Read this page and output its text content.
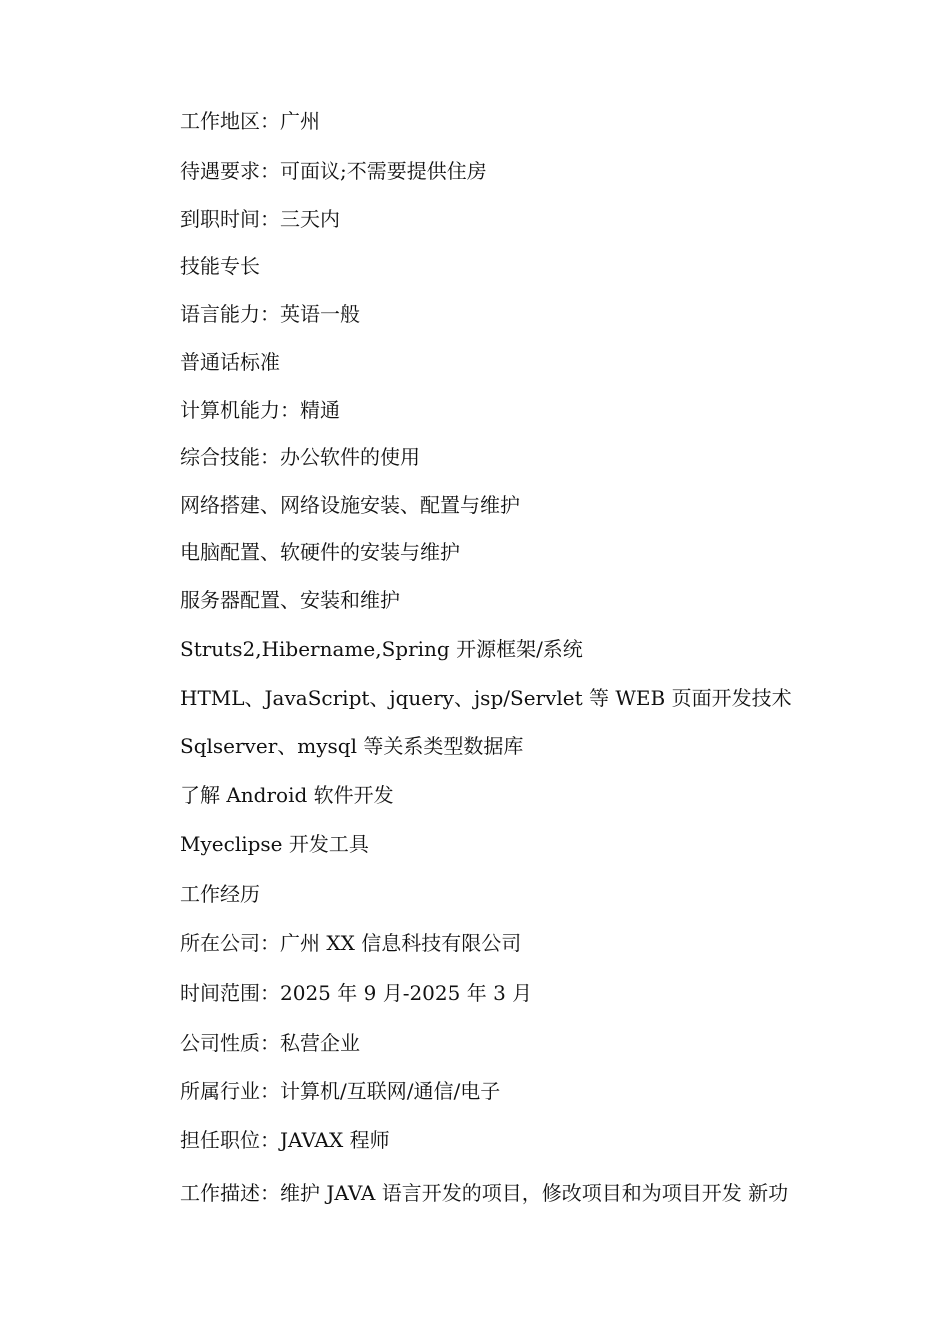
工作地区：广州
待遇要求：可面议;不需要提供住房
到职时间：三天内
技能专长
语言能力：英语一般
普通话标准
计算机能力：精通
综合技能：办公软件的使用
网络搭建、网络设施安装、配置与维护
电脑配置、软硬件的安装与维护
服务器配置、安装和维护
Struts2,Hibername,Spring 开源框架/系统
HTML、JavaScript、jquery、jsp/Servlet 等 WEB 页面开发技术
Sqlserver、mysql 等关系类型数据库
了解 Android 软件开发
Myeclipse 开发工具
工作经历
所在公司：广州 XX 信息科技有限公司
时间范围：2025 年 9 月-2025 年 3 月
公司性质：私营企业
所属行业：计算机/互联网/通信/电子
担任职位：JAVAX 程师
工作描述：维护 JAVA 语言开发的项目，修改项目和为项目开发 新功
